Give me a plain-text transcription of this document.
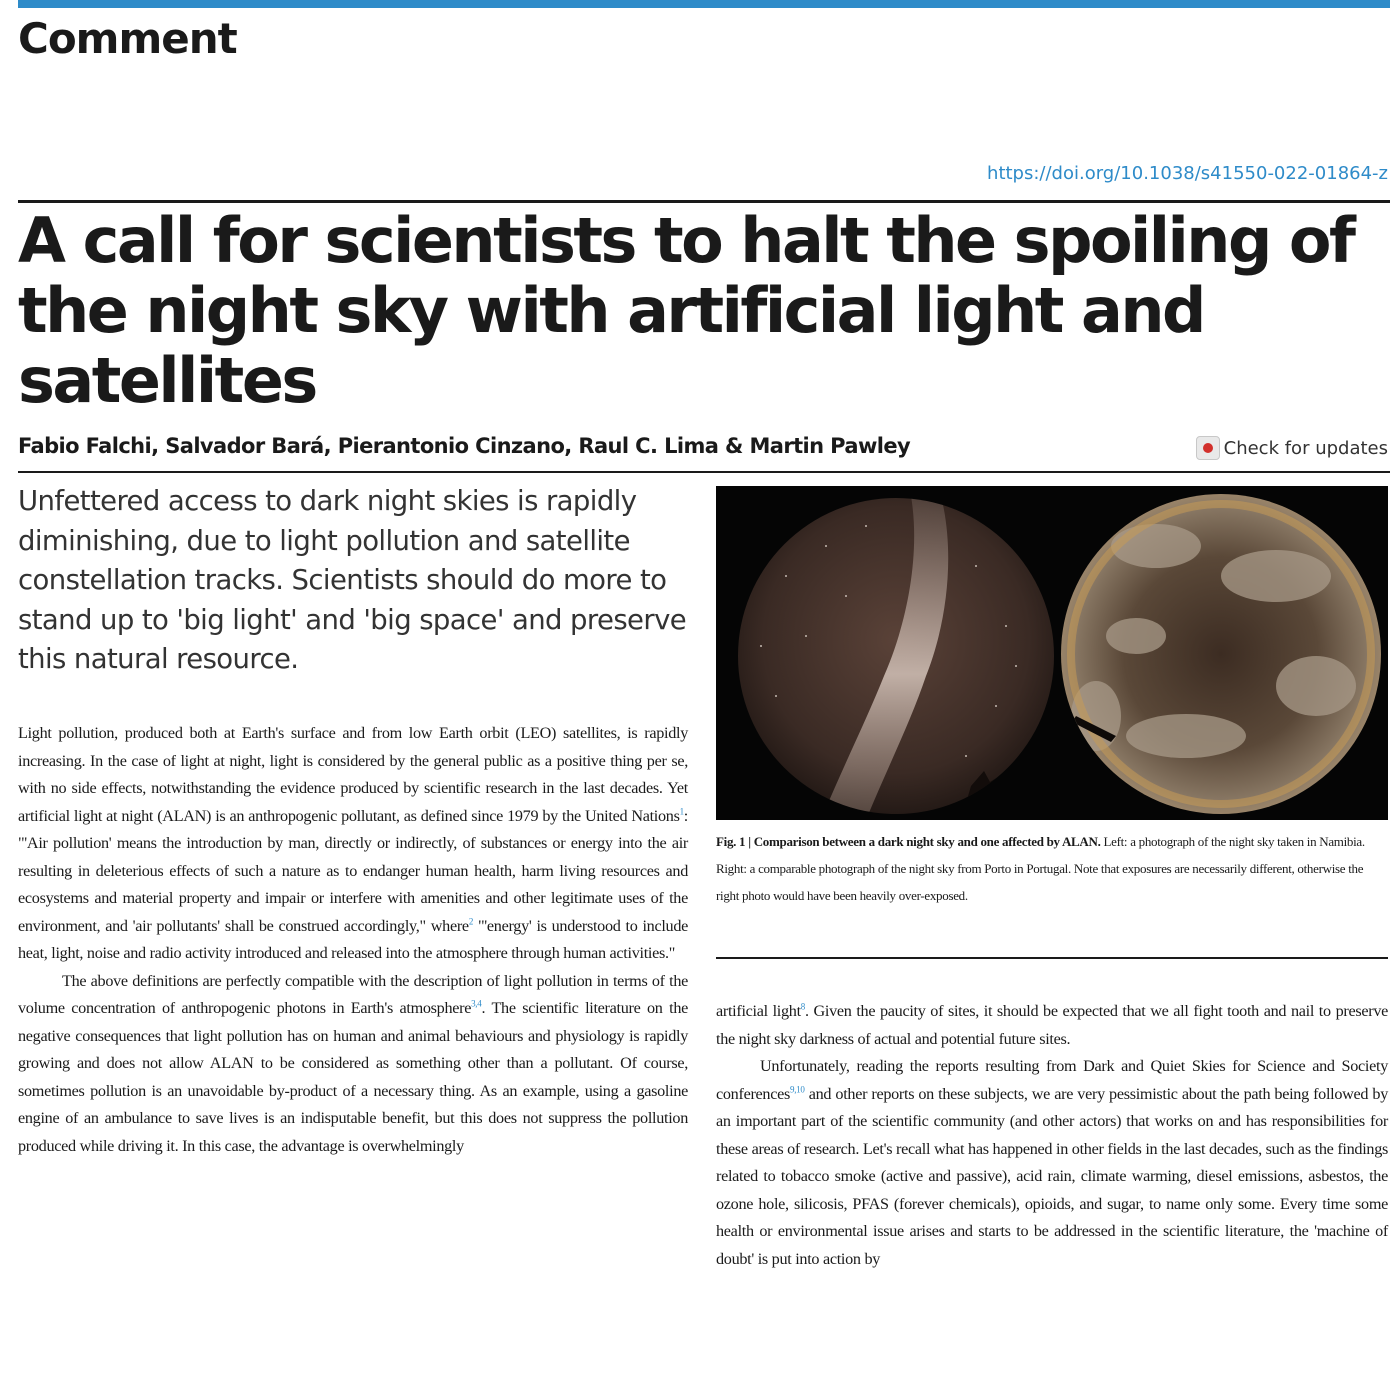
Comment
https://doi.org/10.1038/s41550-022-01864-z
A call for scientists to halt the spoiling of the night sky with artificial light and satellites
Fabio Falchi, Salvador Bará, Pierantonio Cinzano, Raul C. Lima & Martin Pawley	Check for updates

Unfettered access to dark night skies is rapidly diminishing, due to light pollution and satellite constellation tracks. Scientists should do more to stand up to 'big light' and 'big space' and preserve this natural resource.

Light pollution, produced both at Earth's surface and from low Earth orbit (LEO) satellites, is rapidly increasing. In the case of light at night, light is considered by the general public as a positive thing per se, with no side effects, notwithstanding the evidence produced by scientific research in the last decades. Yet artificial light at night (ALAN) is an anthropogenic pollutant, as defined since 1979 by the United Nations$^1$: "'Air pollution' means the introduction by man, directly or indirectly, of substances or energy into the air resulting in deleterious effects of such a nature as to endanger human health, harm living resources and ecosystems and material property and impair or interfere with amenities and other legitimate uses of the environment, and 'air pollutants' shall be construed accordingly," where$^2$ "'energy' is understood to include heat, light, noise and radio activity introduced and released into the atmosphere through human activities."

The above definitions are perfectly compatible with the description of light pollution in terms of the volume concentration of anthropogenic photons in Earth's atmosphere$^{3,4}$. The scientific literature on the negative consequences that light pollution has on human and animal behaviours and physiology is rapidly growing and does not allow ALAN to be considered as something other than a pollutant. Of course, sometimes pollution is an unavoidable by-product of a necessary thing. As an example, using a gasoline engine of an ambulance to save lives is an indisputable benefit, but this does not suppress the pollution produced while driving it. In this case, the advantage is overwhelmingly

Fig. 1 | Comparison between a dark night sky and one affected by ALAN. Left: a photograph of the night sky taken in Namibia. Right: a comparable photograph of the night sky from Porto in Portugal. Note that exposures are necessarily different, otherwise the right photo would have been heavily over-exposed.

artificial light$^8$. Given the paucity of sites, it should be expected that we all fight tooth and nail to preserve the night sky darkness of actual and potential future sites.

Unfortunately, reading the reports resulting from Dark and Quiet Skies for Science and Society conferences$^{9,10}$ and other reports on these subjects, we are very pessimistic about the path being followed by an important part of the scientific community (and other actors) that works on and has responsibilities for these areas of research. Let's recall what has happened in other fields in the last decades, such as the findings related to tobacco smoke (active and passive), acid rain, climate warming, diesel emissions, asbestos, the ozone hole, silicosis, PFAS (forever chemicals), opioids, and sugar, to name only some. Every time some health or environmental issue arises and starts to be addressed in the scientific literature, the 'machine of doubt' is put into action by
